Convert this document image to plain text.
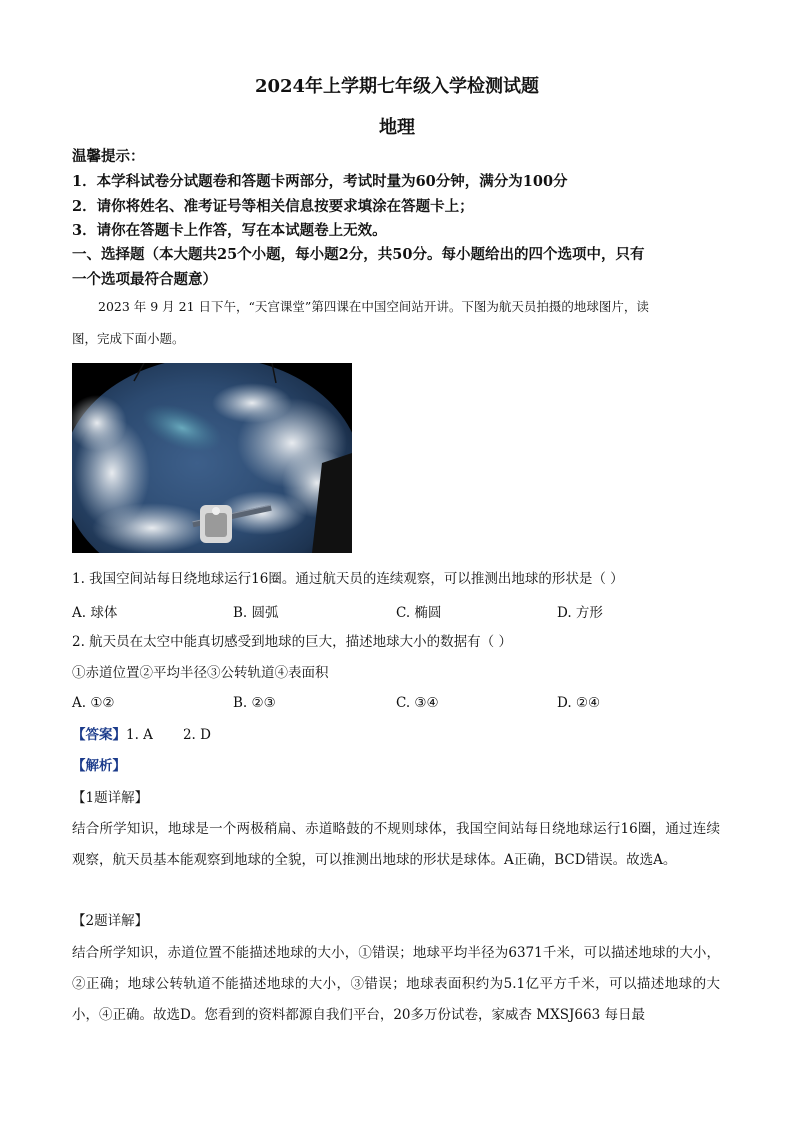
2024年上学期七年级入学检测试题
地理
温馨提示：
1．本学科试卷分试题卷和答题卡两部分，考试时量为60分钟，满分为100分
2．请你将姓名、准考证号等相关信息按要求填涂在答题卡上；
3．请你在答题卡上作答，写在本试题卷上无效。
一、选择题（本大题共25个小题，每小题2分，共50分。每小题给出的四个选项中，只有
一个选项最符合题意）
2023 年 9 月 21 日下午，“天宫课堂”第四课在中国空间站开讲。下图为航天员拍摄的地球图片，读
图，完成下面小题。
1. 我国空间站每日绕地球运行16圈。通过航天员的连续观察，可以推测出地球的形状是（ ）
A. 球体	B. 圆弧	C. 椭圆	D. 方形
2. 航天员在太空中能真切感受到地球的巨大，描述地球大小的数据有（ ）
①赤道位置②平均半径③公转轨道④表面积
A. ①②	B. ②③	C. ③④	D. ②④
【答案】1. A       2. D
【解析】
【1题详解】
结合所学知识，地球是一个两极稍扁、赤道略鼓的不规则球体，我国空间站每日绕地球运行16圈，通过连续观察，航天员基本能观察到地球的全貌，可以推测出地球的形状是球体。A正确，BCD错误。故选A。
【2题详解】
结合所学知识，赤道位置不能描述地球的大小，①错误；地球平均半径为6371千米，可以描述地球的大小，②正确；地球公转轨道不能描述地球的大小，③错误；地球表面积约为5.1亿平方千米，可以描述地球的大小，④正确。故选D。您看到的资料都源自我们平台，20多万份试卷，家威杏 MXSJ663 每日最
